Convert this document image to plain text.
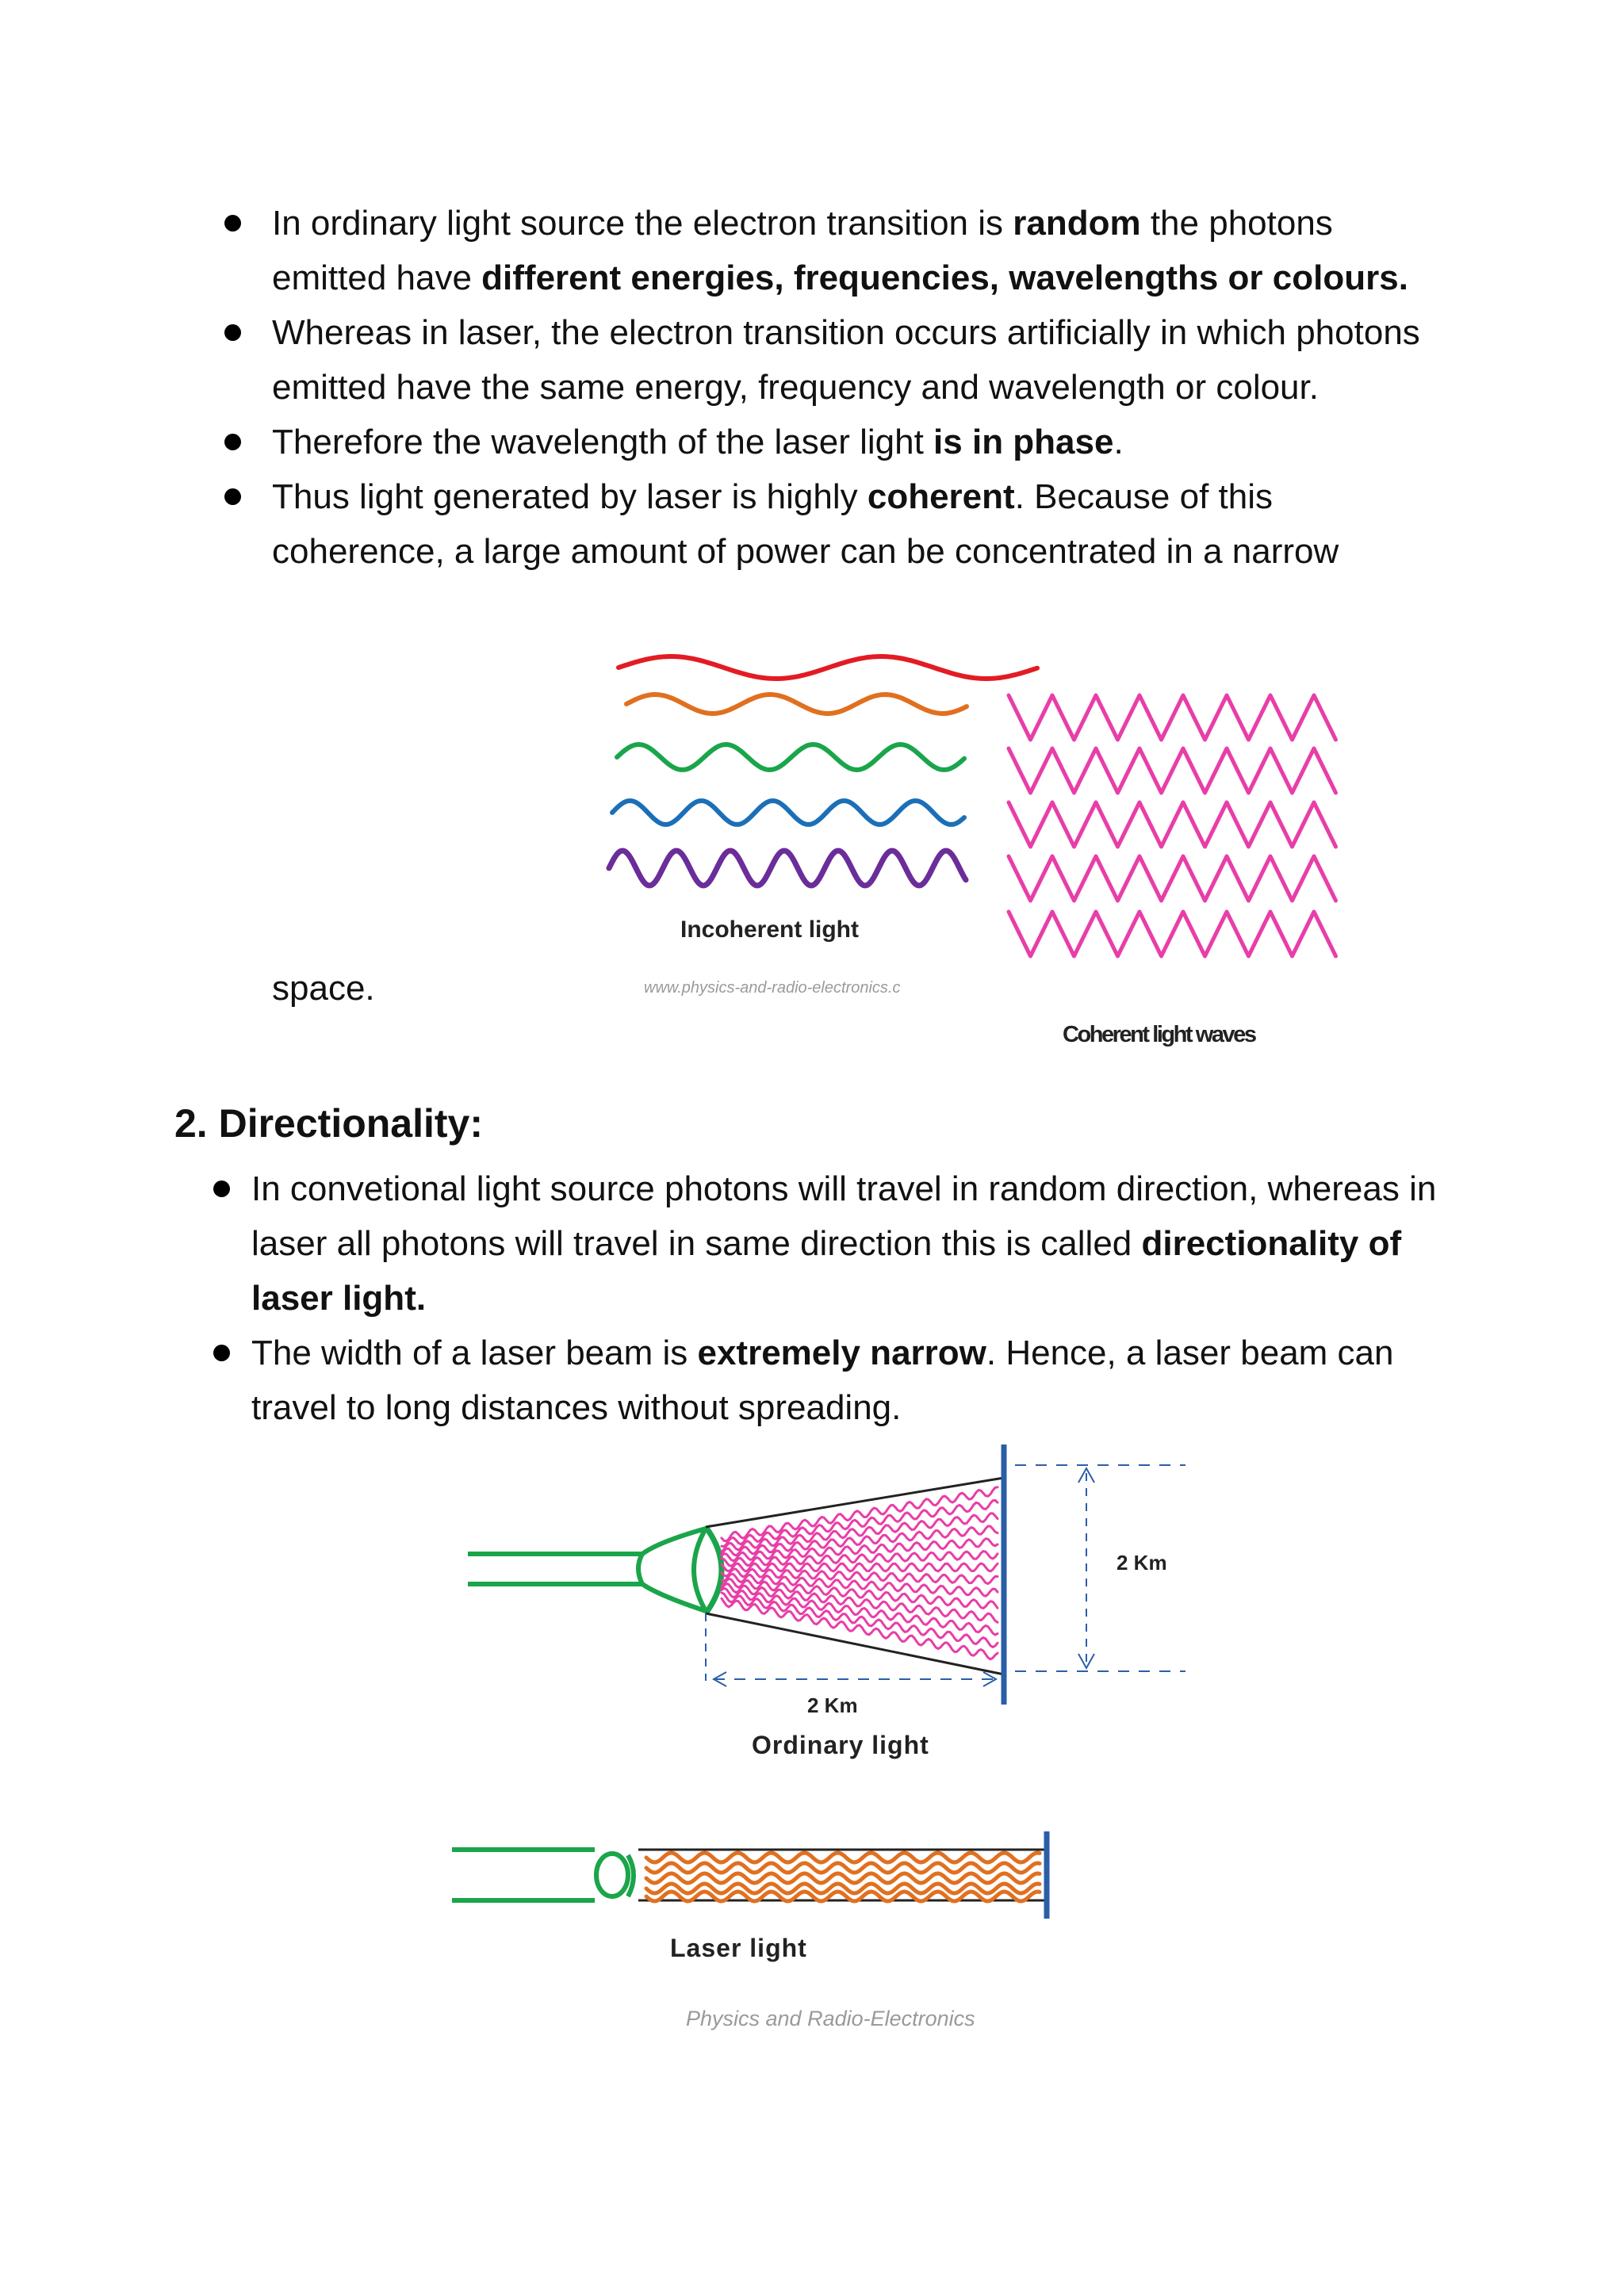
In ordinary light source the electron transition is random the photons emitted have different energies, frequencies, wavelengths or colours.
Whereas in laser, the electron transition occurs artificially in which photons emitted have the same energy, frequency and wavelength or colour.
Therefore the wavelength of the laser light is in phase.
Thus light generated by laser is highly coherent. Because of this coherence, a large amount of power can be concentrated in a narrow
Incoherent light
www.physics-and-radio-electronics.c
Coherent light waves
space.
2. Directionality:
In convetional light source photons will travel in random direction, whereas in laser all photons will travel in same direction this is called directionality of laser light.
The width of a laser beam is extremely narrow. Hence, a laser beam can travel to long distances without spreading.
2 Km
2 Km
Ordinary light
Laser light
Physics and Radio-Electronics
